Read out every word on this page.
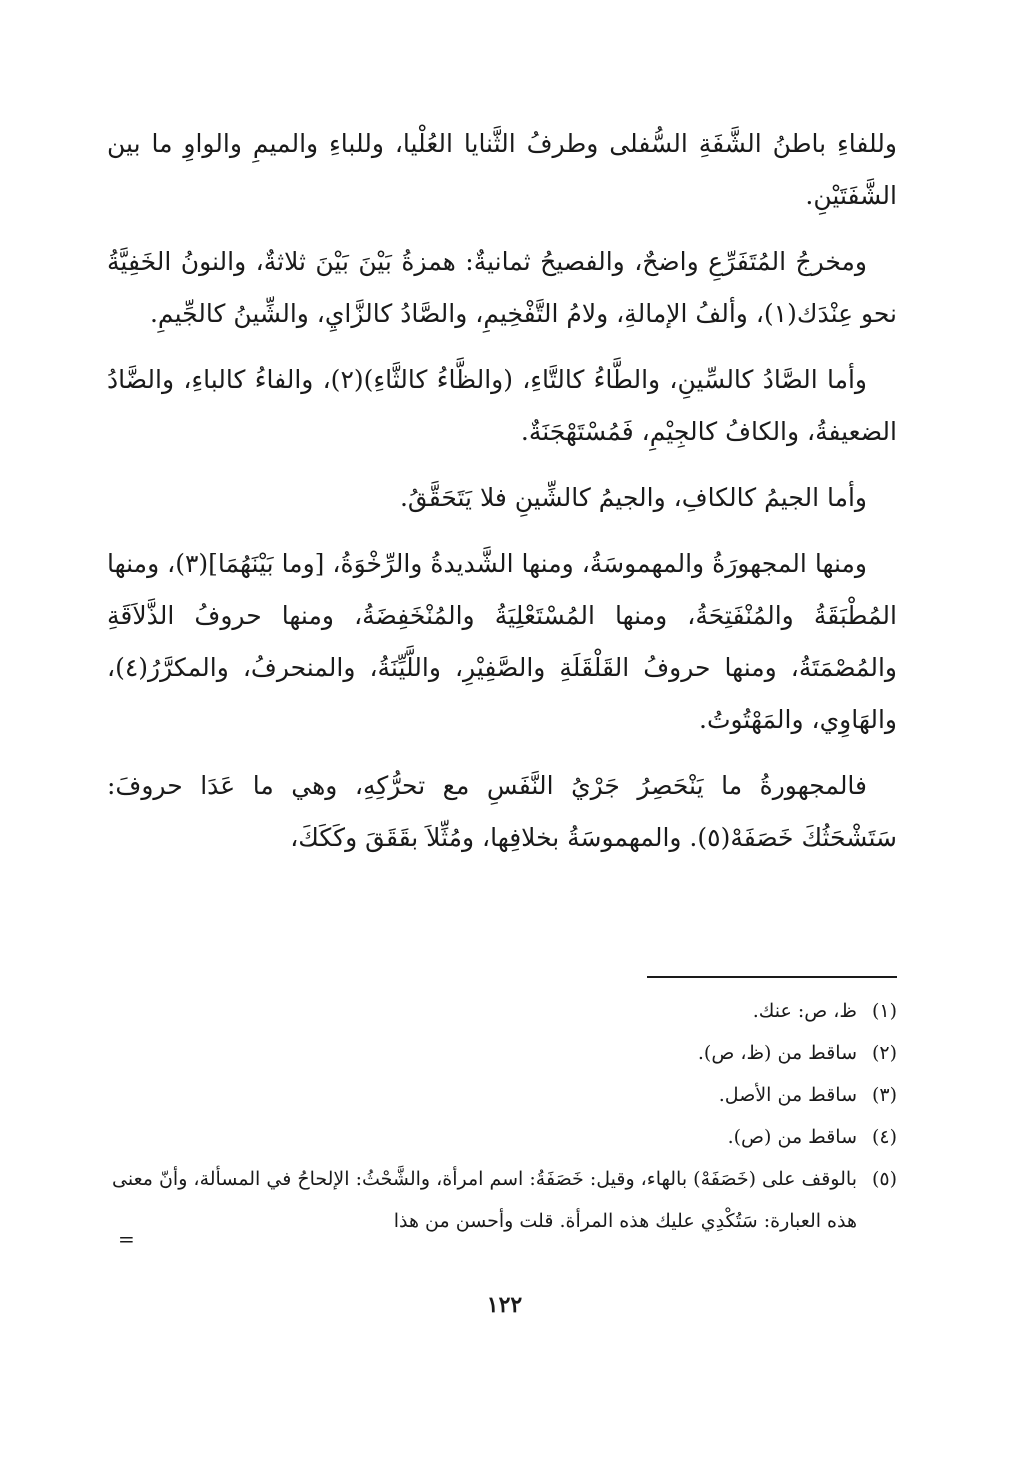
وللفاءِ باطنُ الشَّفَةِ السُّفلى وطرفُ الثَّنايا العُلْيا، وللباءِ والميمِ والواوِ ما بين الشَّفَتَيْنِ.

ومخرجُ المُتَفَرِّعِ واضحٌ، والفصيحُ ثمانيةٌ: همزةُ بَيْنَ بَيْنَ ثلاثةٌ، والنونُ الخَفِيَّةُ نحو عِنْدَك(١)، وألفُ الإمالةِ، ولامُ التَّفْخِيمِ، والصَّادُ كالزَّايِ، والشِّينُ كالجِّيمِ.

وأما الصَّادُ كالسِّينِ، والطَّاءُ كالتَّاءِ، (والظَّاءُ كالثَّاءِ)(٢)، والفاءُ كالباءِ، والضَّادُ الضعيفةُ، والكافُ كالجِيْمِ، فَمُسْتَهْجَنَةٌ.

وأما الجيمُ كالكافِ، والجيمُ كالشِّينِ فلا يَتَحَقَّقُ.

ومنها المجهورَةُ والمهموسَةُ، ومنها الشَّديدةُ والرِّخْوَةُ، [وما بَيْنَهُمَا](٣)، ومنها المُطْبَقَةُ والمُنْفَتِحَةُ، ومنها المُسْتَعْلِيَةُ والمُنْخَفِضَةُ، ومنها حروفُ الذَّلاَقَةِ والمُصْمَتَةُ، ومنها حروفُ القَلْقَلَةِ والصَّفِيْرِ، واللَّيِّنَةُ، والمنحرفُ، والمكرَّرُ(٤)، والهَاوِي، والمَهْتُوتُ.

فالمجهورةُ ما يَنْحَصِرُ جَرْيُ النَّفَسِ مع تحرُّكِهِ، وهي ما عَدَا حروفَ: سَتَشْحَثُكَ خَصَفَهْ(٥). والمهموسَةُ بخلافِها، ومُثِّلاَ بقَقَقَ وكَكَكَ،

(١)
ظ، ص: عنك.
(٢)
ساقط من (ظ، ص).
(٣)
ساقط من الأصل.
(٤)
ساقط من (ص).
(٥)
بالوقف على (خَصَفَهْ) بالهاء، وقيل: خَصَفَةُ: اسم امرأة، والشَّحْثُ: الإلحاحُ في المسألة، وأنّ معنى هذه العبارة: سَتُكْدِي عليك هذه المرأة. قلت وأحسن من هذا
=
١٢٢
